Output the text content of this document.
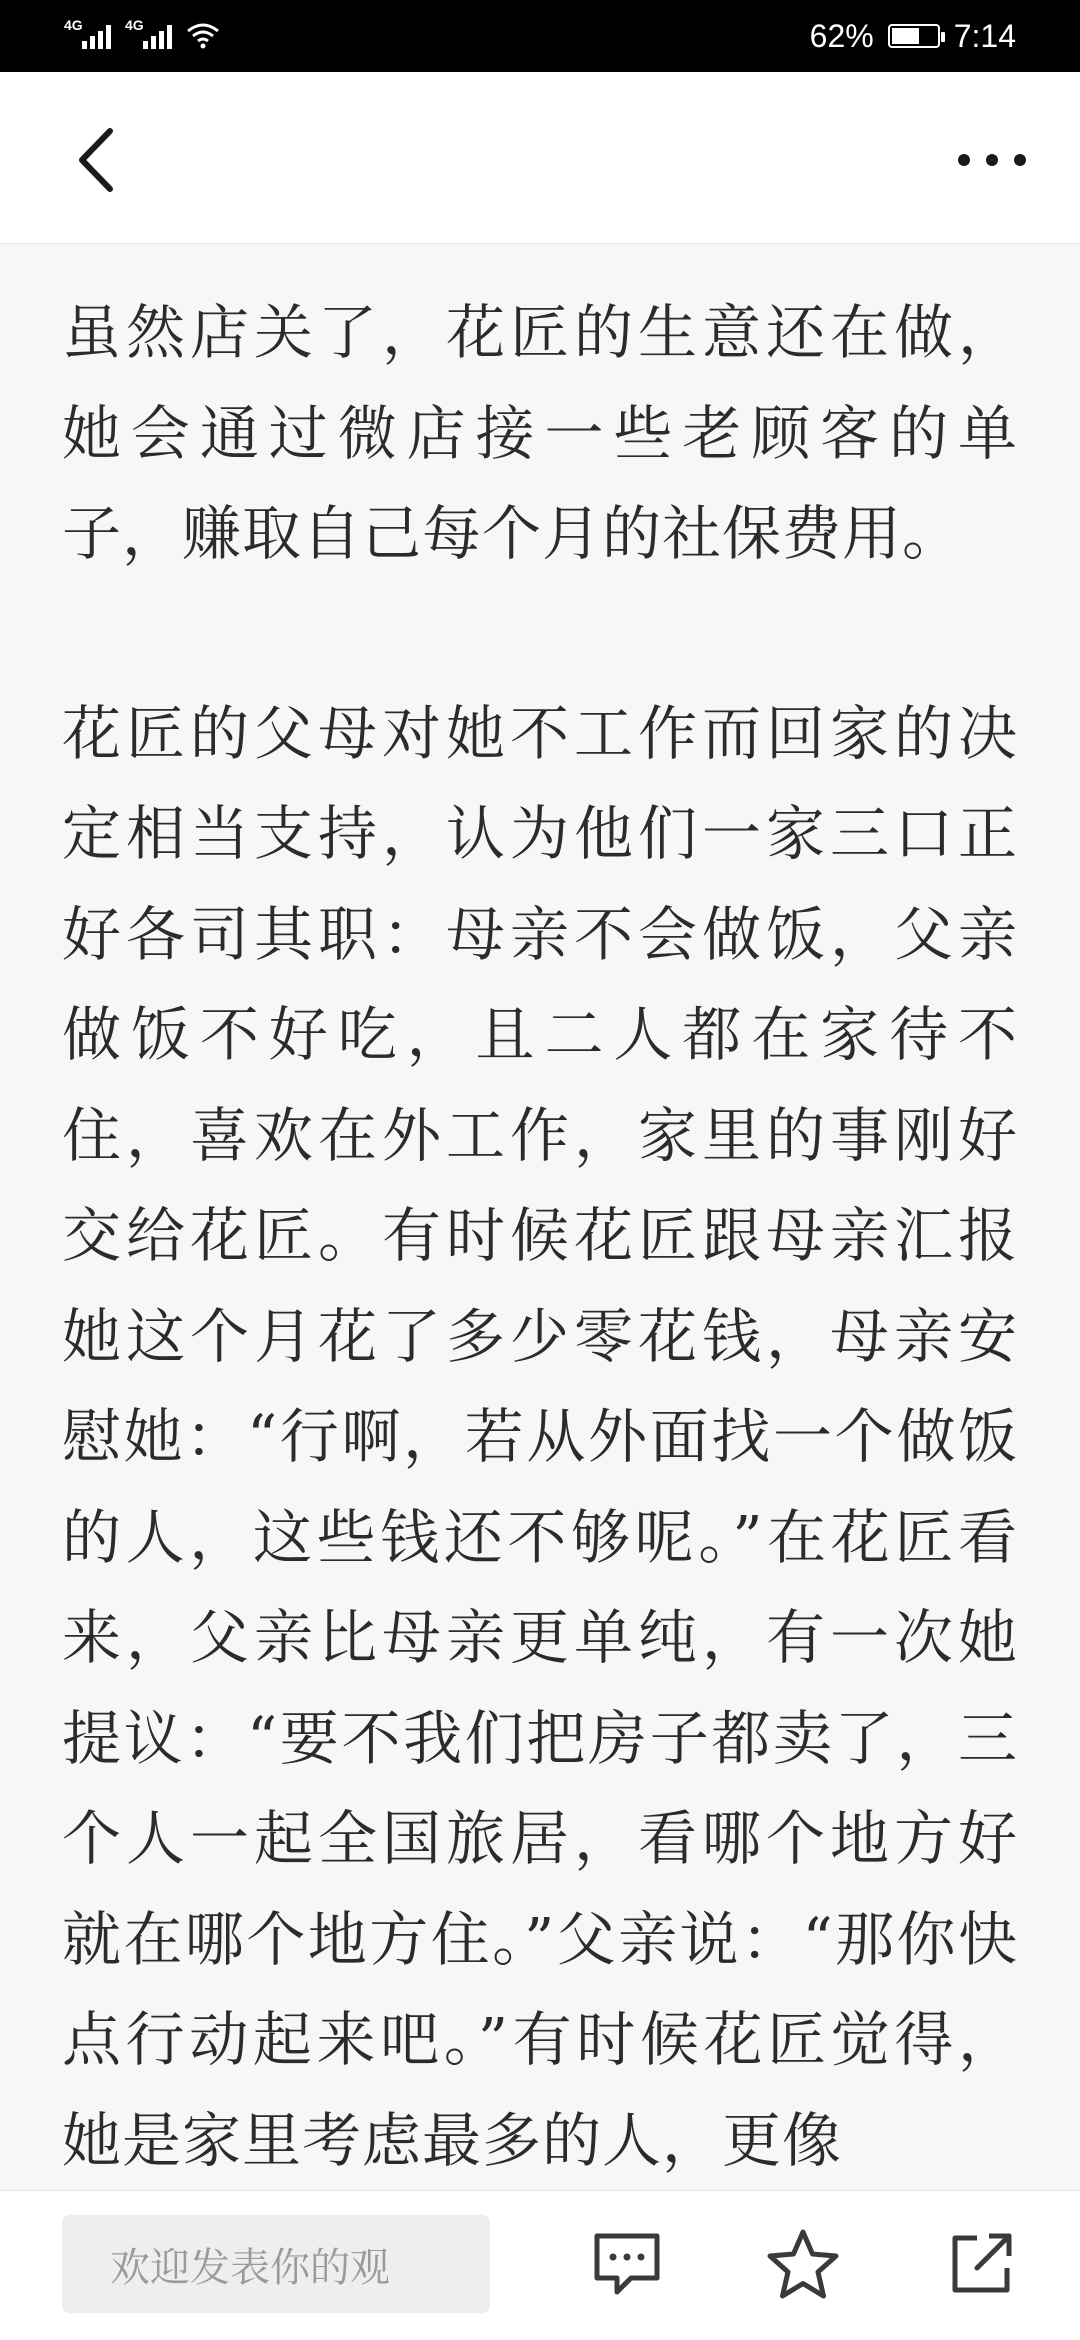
4G	4G	62%	7:14

虽然店关了，花匠的生意还在做，她会通过微店接一些老顾客的单子，赚取自己每个月的社保费用。

花匠的父母对她不工作而回家的决定相当支持，认为他们一家三口正好各司其职：母亲不会做饭，父亲做饭不好吃，且二人都在家待不住，喜欢在外工作，家里的事刚好交给花匠。有时候花匠跟母亲汇报她这个月花了多少零花钱，母亲安慰她：“行啊，若从外面找一个做饭的人，这些钱还不够呢。”在花匠看来，父亲比母亲更单纯，有一次她提议：“要不我们把房子都卖了，三个人一起全国旅居，看哪个地方好就在哪个地方住。”父亲说：“那你快点行动起来吧。”有时候花匠觉得，她是家里考虑最多的人，更像

欢迎发表你的观
